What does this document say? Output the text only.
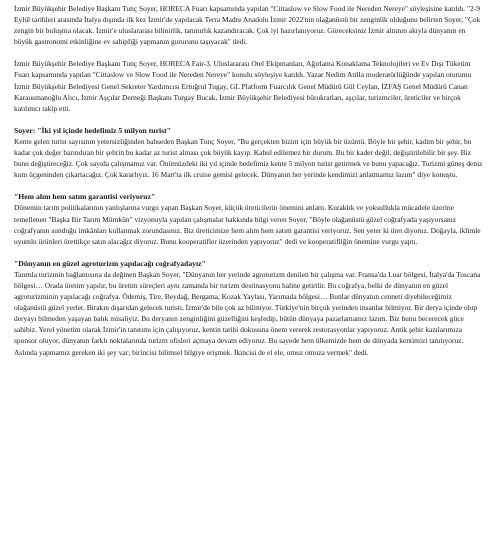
İzmir Büyükşehir Belediye Başkanı Tunç Soyer, HORECA Fuarı kapsamında yapılan "Cittaslow ve Slow Food ile Nereden Nereye" söyleşisine katıldı. "2-9 Eylül tarihleri arasında İtalya dışında ilk kez İzmir'de yapılacak Terra Madre Anadolu İzmir 2022'nin olağanüstü bir zenginlik olduğunu belirten Soyer, "Çok zengin bir buluşma olacak. İzmir'e uluslararası bilinirlik, tanınırlık kazandıracak. Çok iyi hazırlanıyoruz. Göreceksiniz İzmir alnının akıyla dünyanın en büyük gastronomi etkinliğine ev sahipliği yapmanın gururunu taşıyacak" dedi.

İzmir Büyükşehir Belediye Başkanı Tunç Soyer, HORECA Fair-3. Uluslararası Otel Ekipmanları, Ağırlama Konaklama Teknolojileri ve Ev Dışı Tüketim Fuarı kapsamında yapılan "Cittaslow ve Slow Food ile Nereden Nereye" konulu söyleşiye katıldı. Yazar Nedim Atilla moderatörlüğünde yapılan oturumu İzmir Büyükşehir Belediyesi Genel Sekreter Yardımcısı Ertuğrul Tugay, GL Platform Fuarcılık Genel Müdürü Gül Ceylan, İZFAŞ Genel Müdürü Canan Karaosmanoğlu Alıcı, İzmir Aşçılar Derneği Başkanı Turgay Bucak, İzmir Büyükşehir Belediyesi bürokratları, aşçılar, turizmciler, üreticiler ve birçok katılımcı takip etti.

Soyer: "İki yıl içinde hedefimiz 5 milyon turist"

Kente gelen turist sayısının yetersizliğinden bahseden Başkan Tunç Soyer, "Bu gerçekten bizim için büyük bir üzüntü. Böyle bir şehir, kadim bir şehir, bu kadar çok değer barındıran bir şehrin bu kadar az turist alması çok büyük kayıp. Kabul edilemez bir durum. Bu bir kader değil, değiştirilebilir bir şey. Biz bunu değiştireceğiz. Çok sayıda çalışmamız var. Önümüzdeki iki yıl içinde hedefimiz kente 5 milyon turist getirmek ve bunu yapacağız. Turizmi güneş deniz kum üçgeninden çıkartacağız. Çok kararlıyız. 16 Mart'ta ilk cruise gemisi gelecek. Dünyanın her yerinde kendimizi anlatmamız lazım" diye konuştu.

"Hem alım hem satım garantisi veriyoruz"

Dönemin tarım politikalarının yanlışlarına vurgu yapan Başkan Soyer, küçük üreticilerin önemini anlattı. Kuraklık ve yoksullukla mücadele üzerine temellenen "Başka Bir Tarım Mümkün" vizyonuyla yapılan çalışmalar hakkında bilgi veren Soyer, "Böyle olağanüstü güzel coğrafyada yaşıyorsanız coğrafyanın sunduğu imkânları kullanmak zorundasınız. Biz üreticimize hem alım hem satım garantisi veriyoruz. Sen yeter ki üret diyoruz. Doğayla, iklimle uyumlu ürünleri ürettikçe satın alacağız diyoruz. Bunu kooperatifler üzerinden yapıyoruz" dedi ve kooperatifliğin önemine vurgu yaptı.

"Dünyanın en güzel agroturizm yapılacağı coğrafyadayız"

Tarımla turizmin bağlantısına da değinen Başkan Soyer, "Dünyanın her yerinde agroturizm denilen bir çalışma var. Fransa'da Luar bölgesi, İtalya'da Toscana bölgesi… Orada üretim yapılır, bu üretim süreçleri aynı zamanda bir turizm destinasyonu haline getirilir. Bu coğrafya, belki de dünyanın en güzel agroturizminin yapılacağı coğrafya. Ödemiş, Tire, Beydağ, Bergama, Kozak Yaylası, Yarımada bölgesi… Bunlar dünyanın cenneti diyebileceğimiz olağanüstü güzel yerler. Birakın dışarıdan gelecek turisti, İzmir'de bile çok az biliniyor. Türkiye'nin birçok yerinden insanlar bilmiyor. Bir derya içinde olup deryayı bilmeden yaşayan balık misaliyiz. Bu deryanın zenginliğini güzelliğini keşfedip, bütün dünyaya pazarlamamız lazım. Biz bunu becerecek güce sahibiz. Yerel yönetim olarak İzmir'in tanıtımı için çalışıyoruz, kentin tarihi dokusuna önem vererek restorasyonlar yapıyoruz. Antik şehir kazılarımıza sponsor oluyor, dünyanın farklı noktalarında turizm ofisleri açmaya devam ediyoruz. Bu sayede hem ülkemizde hem de dünyada kentimizi tanıtıyoruz. Aslında yapmamız gereken iki şey var; birincisi bilimsel bilgiye erişmek. İkincisi de el ele, omuz omuza vermek" dedi.
